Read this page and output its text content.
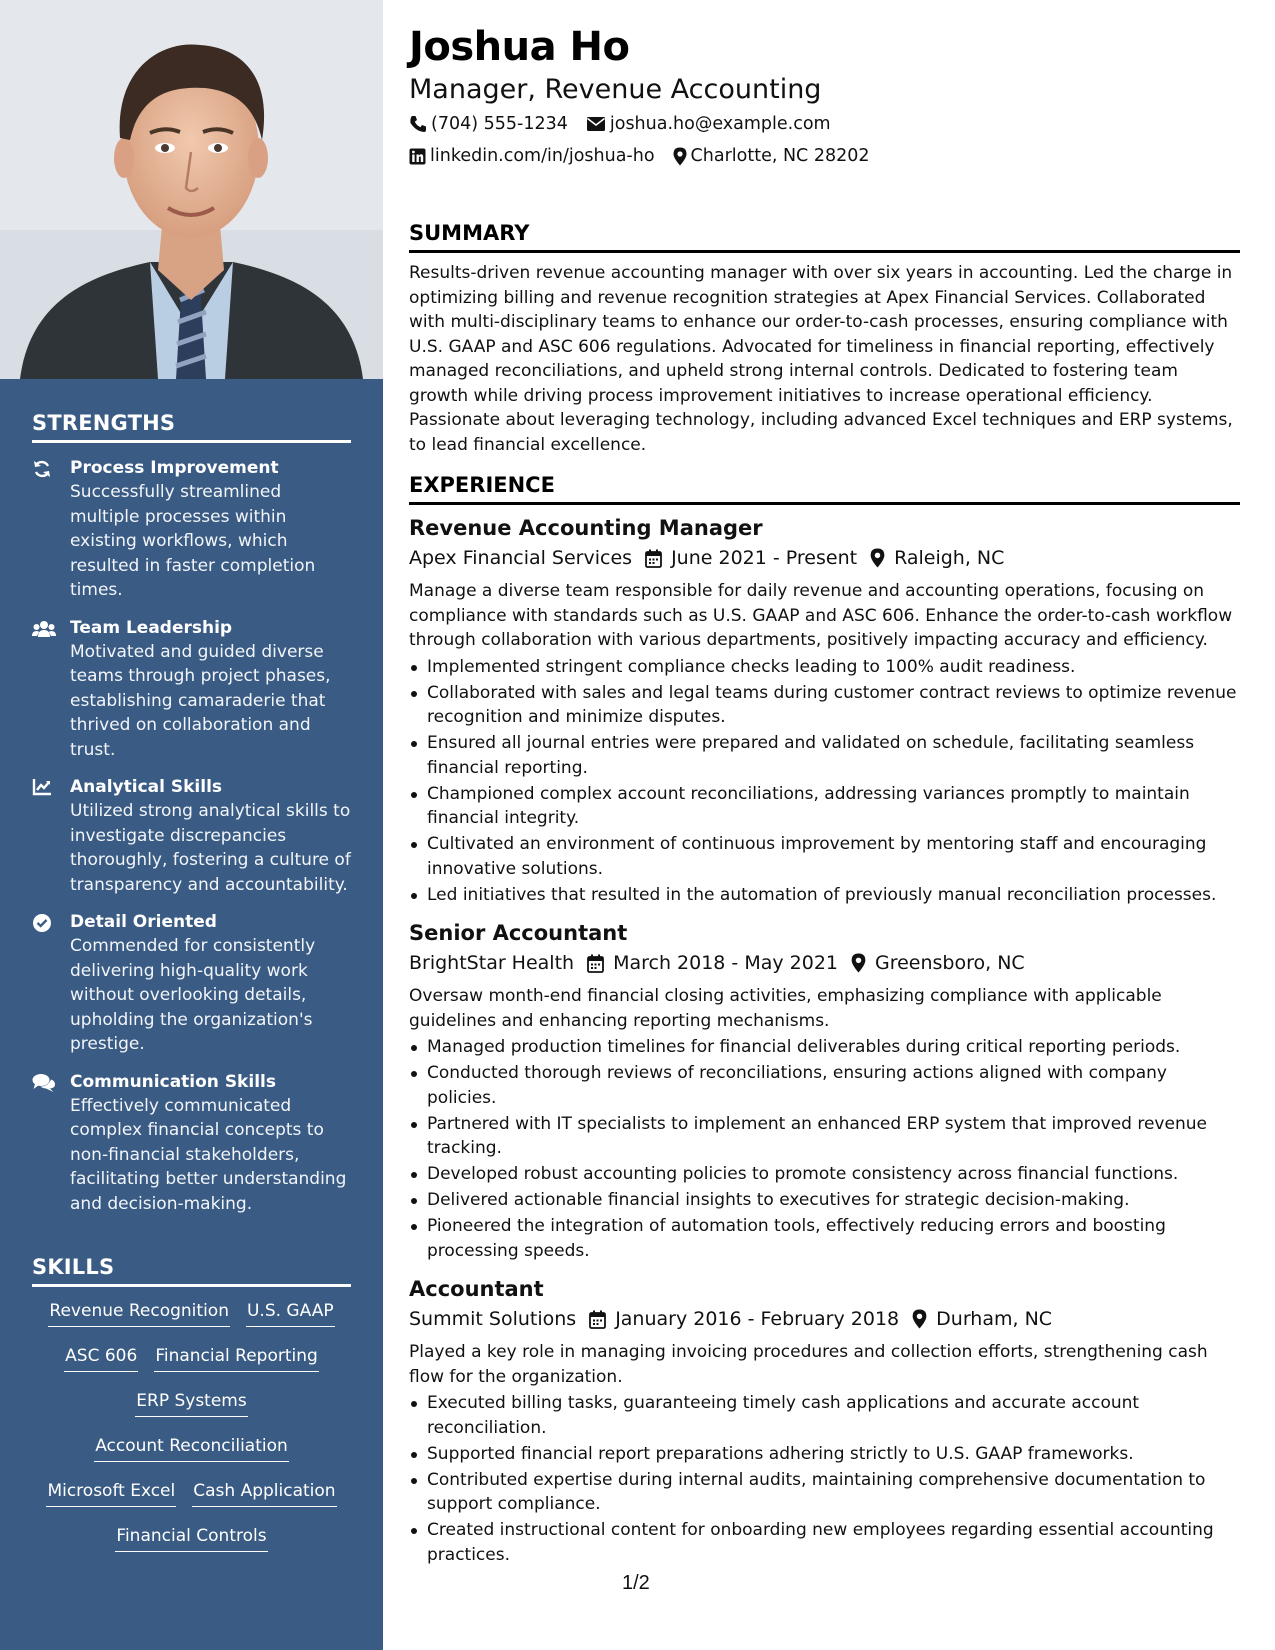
STRENGTHS
Process Improvement
Successfully streamlined multiple processes within existing workflows, which resulted in faster completion times.
Team Leadership
Motivated and guided diverse teams through project phases, establishing camaraderie that thrived on collaboration and trust.
Analytical Skills
Utilized strong analytical skills to investigate discrepancies thoroughly, fostering a culture of transparency and accountability.
Detail Oriented
Commended for consistently delivering high-quality work without overlooking details, upholding the organization's prestige.
Communication Skills
Effectively communicated complex financial concepts to non-financial stakeholders, facilitating better understanding and decision-making.
SKILLS
Revenue Recognition U.S. GAAP
ASC 606 Financial Reporting
ERP Systems
Account Reconciliation
Microsoft Excel Cash Application
Financial Controls
Joshua Ho
Manager, Revenue Accounting
(704) 555-1234 joshua.ho@example.com
linkedin.com/in/joshua-ho Charlotte, NC 28202
SUMMARY
Results-driven revenue accounting manager with over six years in accounting. Led the charge in optimizing billing and revenue recognition strategies at Apex Financial Services. Collaborated with multi-disciplinary teams to enhance our order-to-cash processes, ensuring compliance with U.S. GAAP and ASC 606 regulations. Advocated for timeliness in financial reporting, effectively managed reconciliations, and upheld strong internal controls. Dedicated to fostering team growth while driving process improvement initiatives to increase operational efficiency. Passionate about leveraging technology, including advanced Excel techniques and ERP systems, to lead financial excellence.
EXPERIENCE
Revenue Accounting Manager
Apex Financial Services June 2021 - Present Raleigh, NC
Manage a diverse team responsible for daily revenue and accounting operations, focusing on compliance with standards such as U.S. GAAP and ASC 606. Enhance the order-to-cash workflow through collaboration with various departments, positively impacting accuracy and efficiency.
Implemented stringent compliance checks leading to 100% audit readiness.
Collaborated with sales and legal teams during customer contract reviews to optimize revenue recognition and minimize disputes.
Ensured all journal entries were prepared and validated on schedule, facilitating seamless financial reporting.
Championed complex account reconciliations, addressing variances promptly to maintain financial integrity.
Cultivated an environment of continuous improvement by mentoring staff and encouraging innovative solutions.
Led initiatives that resulted in the automation of previously manual reconciliation processes.
Senior Accountant
BrightStar Health March 2018 - May 2021 Greensboro, NC
Oversaw month-end financial closing activities, emphasizing compliance with applicable guidelines and enhancing reporting mechanisms.
Managed production timelines for financial deliverables during critical reporting periods.
Conducted thorough reviews of reconciliations, ensuring actions aligned with company policies.
Partnered with IT specialists to implement an enhanced ERP system that improved revenue tracking.
Developed robust accounting policies to promote consistency across financial functions.
Delivered actionable financial insights to executives for strategic decision-making.
Pioneered the integration of automation tools, effectively reducing errors and boosting processing speeds.
Accountant
Summit Solutions January 2016 - February 2018 Durham, NC
Played a key role in managing invoicing procedures and collection efforts, strengthening cash flow for the organization.
Executed billing tasks, guaranteeing timely cash applications and accurate account reconciliation.
Supported financial report preparations adhering strictly to U.S. GAAP frameworks.
Contributed expertise during internal audits, maintaining comprehensive documentation to support compliance.
Created instructional content for onboarding new employees regarding essential accounting practices.
1/2
